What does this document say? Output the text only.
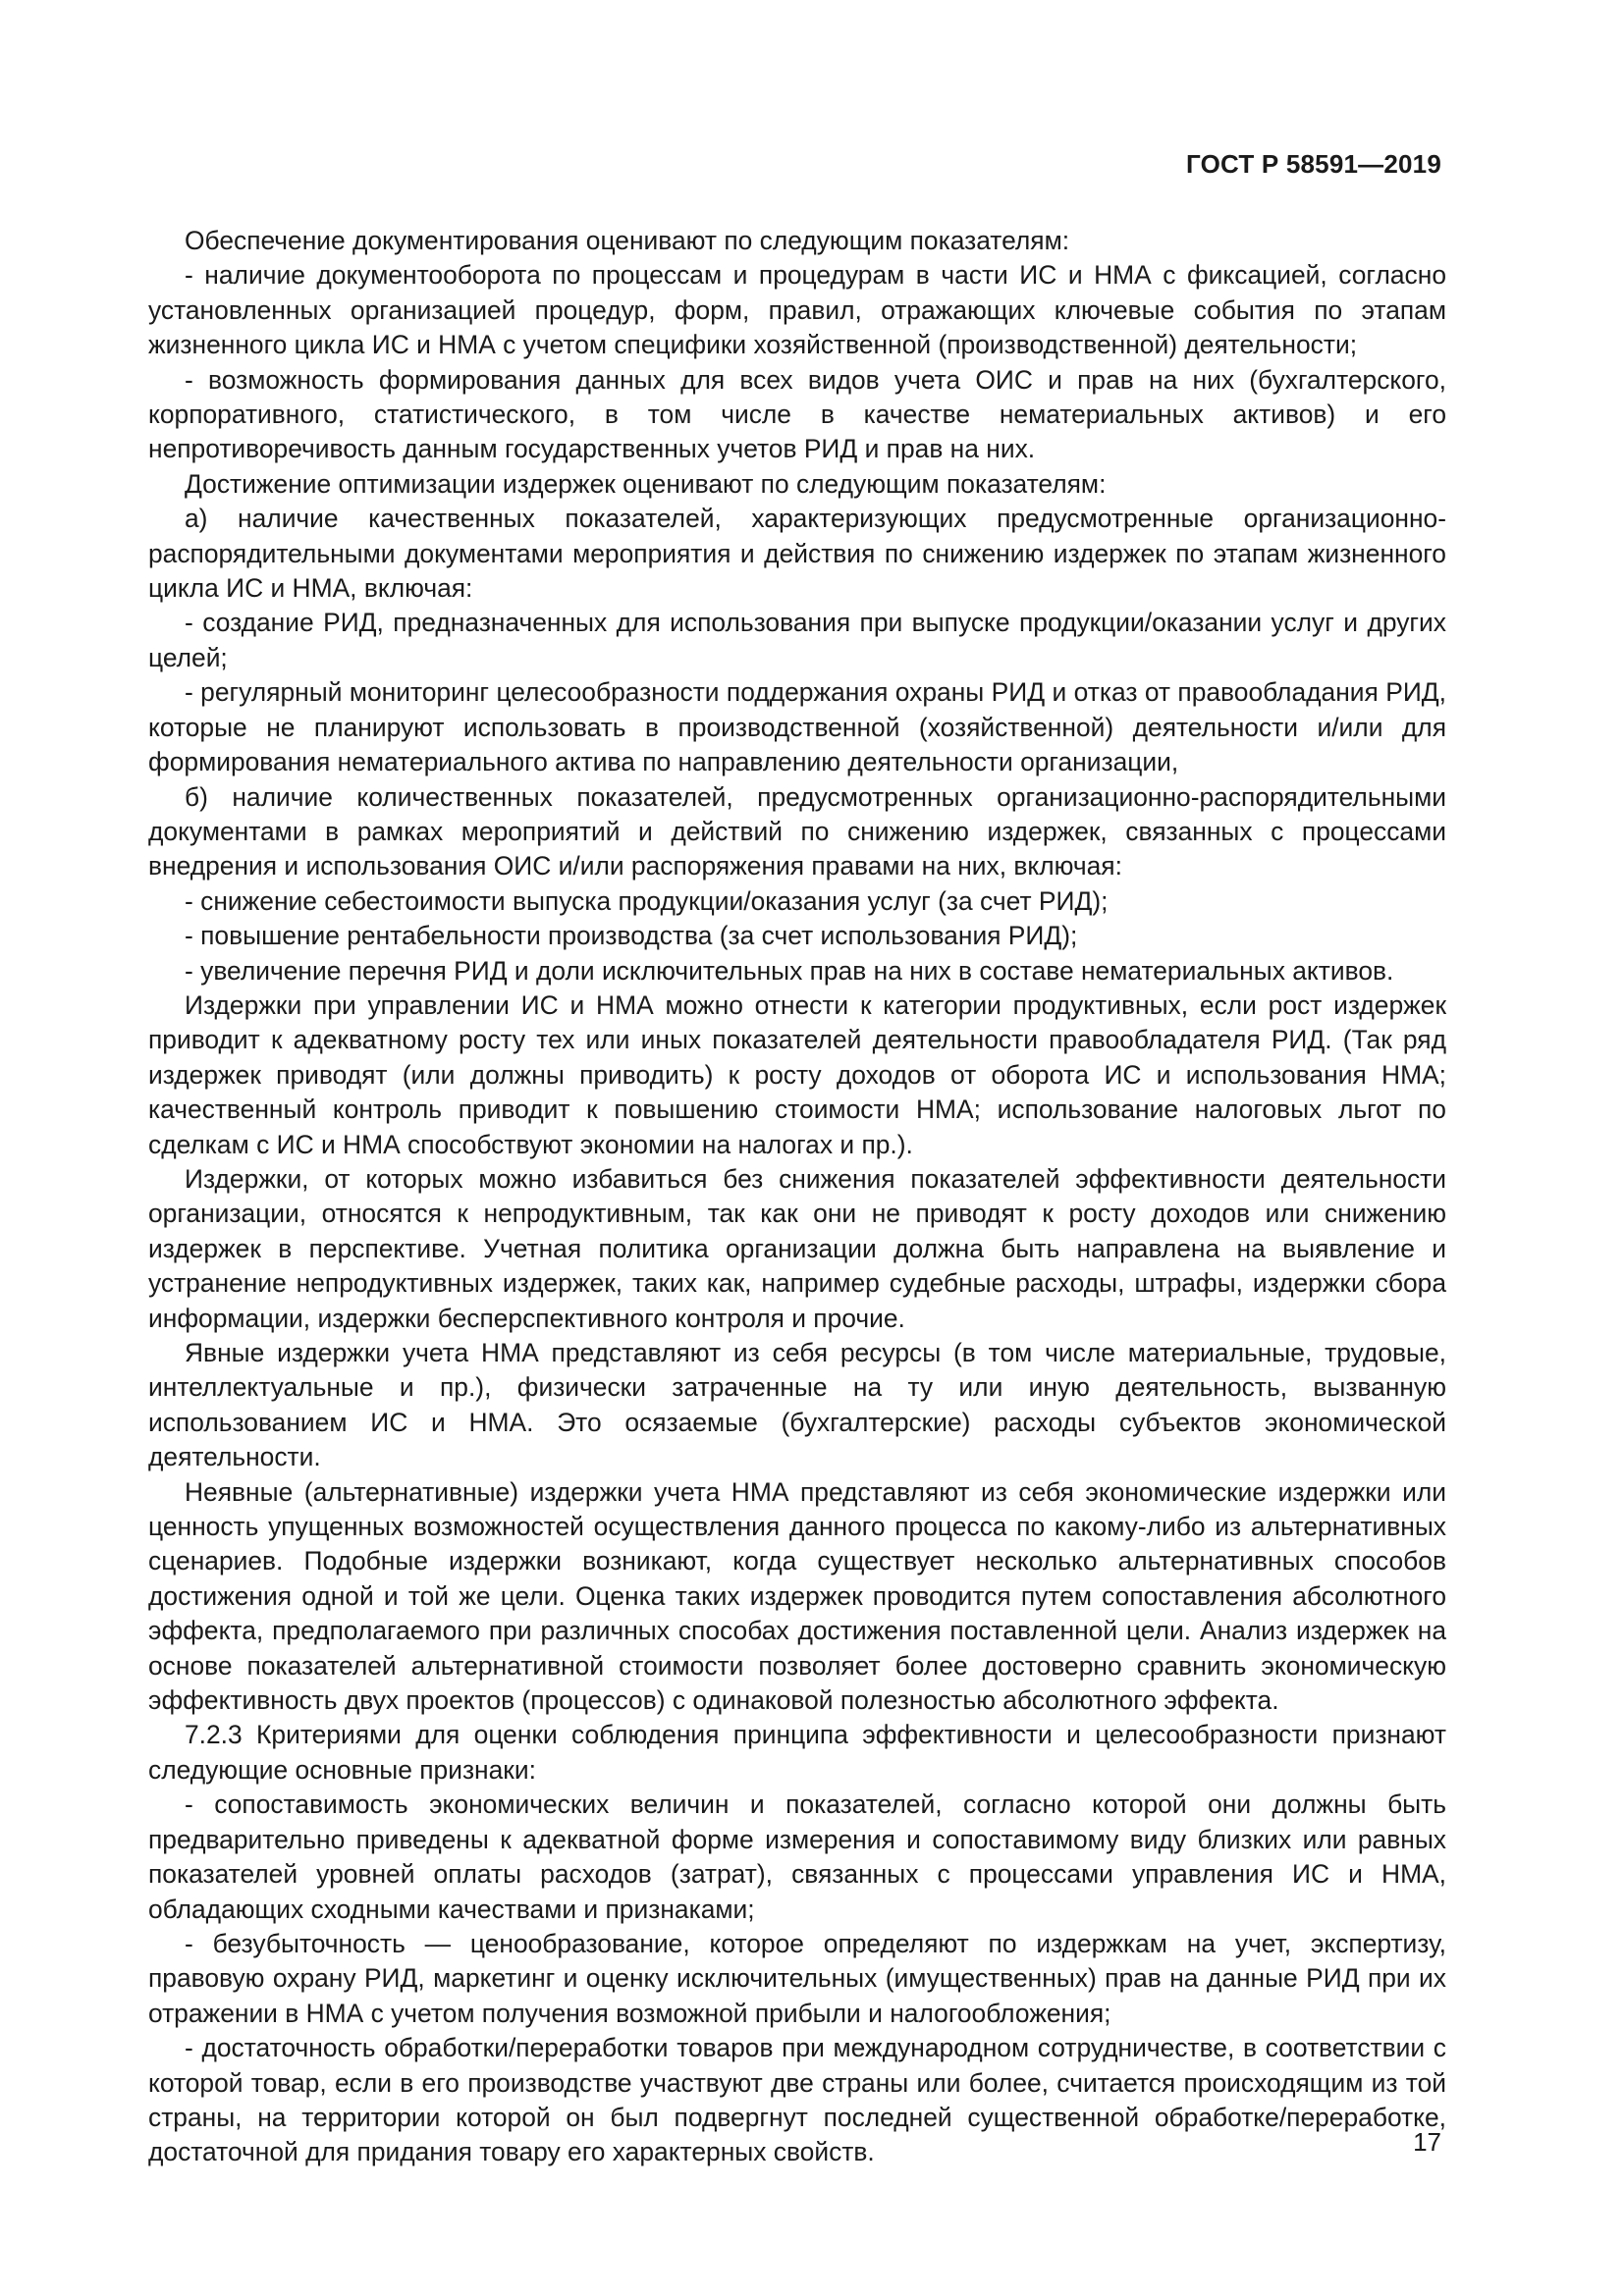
ГОСТ Р 58591—2019

Обеспечение документирования оценивают по следующим показателям:

- наличие документооборота по процессам и процедурам в части ИС и НМА с фиксацией, согласно установленных организацией процедур, форм, правил, отражающих ключевые события по этапам жизненного цикла ИС и НМА с учетом специфики хозяйственной (производственной) деятельности;

- возможность формирования данных для всех видов учета ОИС и прав на них (бухгалтерского, корпоративного, статистического, в том числе в качестве нематериальных активов) и его непротиворечивость данным государственных учетов РИД и прав на них.

Достижение оптимизации издержек оценивают по следующим показателям:

а) наличие качественных показателей, характеризующих предусмотренные организационно-распорядительными документами мероприятия и действия по снижению издержек по этапам жизненного цикла ИС и НМА, включая:

- создание РИД, предназначенных для использования при выпуске продукции/оказании услуг и других целей;

- регулярный мониторинг целесообразности поддержания охраны РИД и отказ от правообладания РИД, которые не планируют использовать в производственной (хозяйственной) деятельности и/или для формирования нематериального актива по направлению деятельности организации,

б) наличие количественных показателей, предусмотренных организационно-распорядительными документами в рамках мероприятий и действий по снижению издержек, связанных с процессами внедрения и использования ОИС и/или распоряжения правами на них, включая:

- снижение себестоимости выпуска продукции/оказания услуг (за счет РИД);

- повышение рентабельности производства (за счет использования РИД);

- увеличение перечня РИД и доли исключительных прав на них в составе нематериальных активов.

Издержки при управлении ИС и НМА можно отнести к категории продуктивных, если рост издержек приводит к адекватному росту тех или иных показателей деятельности правообладателя РИД. (Так ряд издержек приводят (или должны приводить) к росту доходов от оборота ИС и использования НМА; качественный контроль приводит к повышению стоимости НМА; использование налоговых льгот по сделкам с ИС и НМА способствуют экономии на налогах и пр.).

Издержки, от которых можно избавиться без снижения показателей эффективности деятельности организации, относятся к непродуктивным, так как они не приводят к росту доходов или снижению издержек в перспективе. Учетная политика организации должна быть направлена на выявление и устранение непродуктивных издержек, таких как, например судебные расходы, штрафы, издержки сбора информации, издержки бесперспективного контроля и прочие.

Явные издержки учета НМА представляют из себя ресурсы (в том числе материальные, трудовые, интеллектуальные и пр.), физически затраченные на ту или иную деятельность, вызванную использованием ИС и НМА. Это осязаемые (бухгалтерские) расходы субъектов экономической деятельности.

Неявные (альтернативные) издержки учета НМА представляют из себя экономические издержки или ценность упущенных возможностей осуществления данного процесса по какому-либо из альтернативных сценариев. Подобные издержки возникают, когда существует несколько альтернативных способов достижения одной и той же цели. Оценка таких издержек проводится путем сопоставления абсолютного эффекта, предполагаемого при различных способах достижения поставленной цели. Анализ издержек на основе показателей альтернативной стоимости позволяет более достоверно сравнить экономическую эффективность двух проектов (процессов) с одинаковой полезностью абсолютного эффекта.

7.2.3 Критериями для оценки соблюдения принципа эффективности и целесообразности признают следующие основные признаки:

- сопоставимость экономических величин и показателей, согласно которой они должны быть предварительно приведены к адекватной форме измерения и сопоставимому виду близких или равных показателей уровней оплаты расходов (затрат), связанных с процессами управления ИС и НМА, обладающих сходными качествами и признаками;

- безубыточность — ценообразование, которое определяют по издержкам на учет, экспертизу, правовую охрану РИД, маркетинг и оценку исключительных (имущественных) прав на данные РИД при их отражении в НМА с учетом получения возможной прибыли и налогообложения;

- достаточность обработки/переработки товаров при международном сотрудничестве, в соответствии с которой товар, если в его производстве участвуют две страны или более, считается происходящим из той страны, на территории которой он был подвергнут последней существенной обработке/переработке, достаточной для придания товару его характерных свойств.	17
